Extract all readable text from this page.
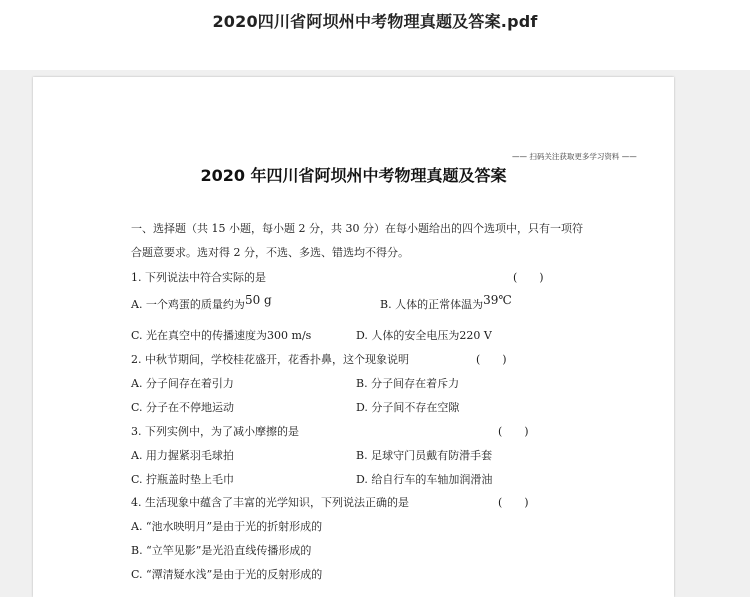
2020四川省阿坝州中考物理真题及答案.pdf
—— 扫码关注获取更多学习资料 ——
2020 年四川省阿坝州中考物理真题及答案
一、选择题（共 15 小题，每小题 2 分，共 30 分）在每小题给出的四个选项中，只有一项符
合题意要求。选对得 2 分，不选、多选、错选均不得分。
1. 下列说法中符合实际的是	(　　)
A. 一个鸡蛋的质量约为50 g	B. 人体的正常体温为39℃
C. 光在真空中的传播速度为300 m/s	D. 人体的安全电压为220 V
2. 中秋节期间，学校桂花盛开，花香扑鼻，这个现象说明	(　　)
A. 分子间存在着引力	B. 分子间存在着斥力
C. 分子在不停地运动	D. 分子间不存在空隙
3. 下列实例中，为了减小摩擦的是	(　　)
A. 用力握紧羽毛球拍	B. 足球守门员戴有防滑手套
C. 拧瓶盖时垫上毛巾	D. 给自行车的车轴加润滑油
4. 生活现象中蕴含了丰富的光学知识，下列说法正确的是	(　　)
A. “池水映明月”是由于光的折射形成的
B. “立竿见影”是光沿直线传播形成的
C. “潭清疑水浅”是由于光的反射形成的
